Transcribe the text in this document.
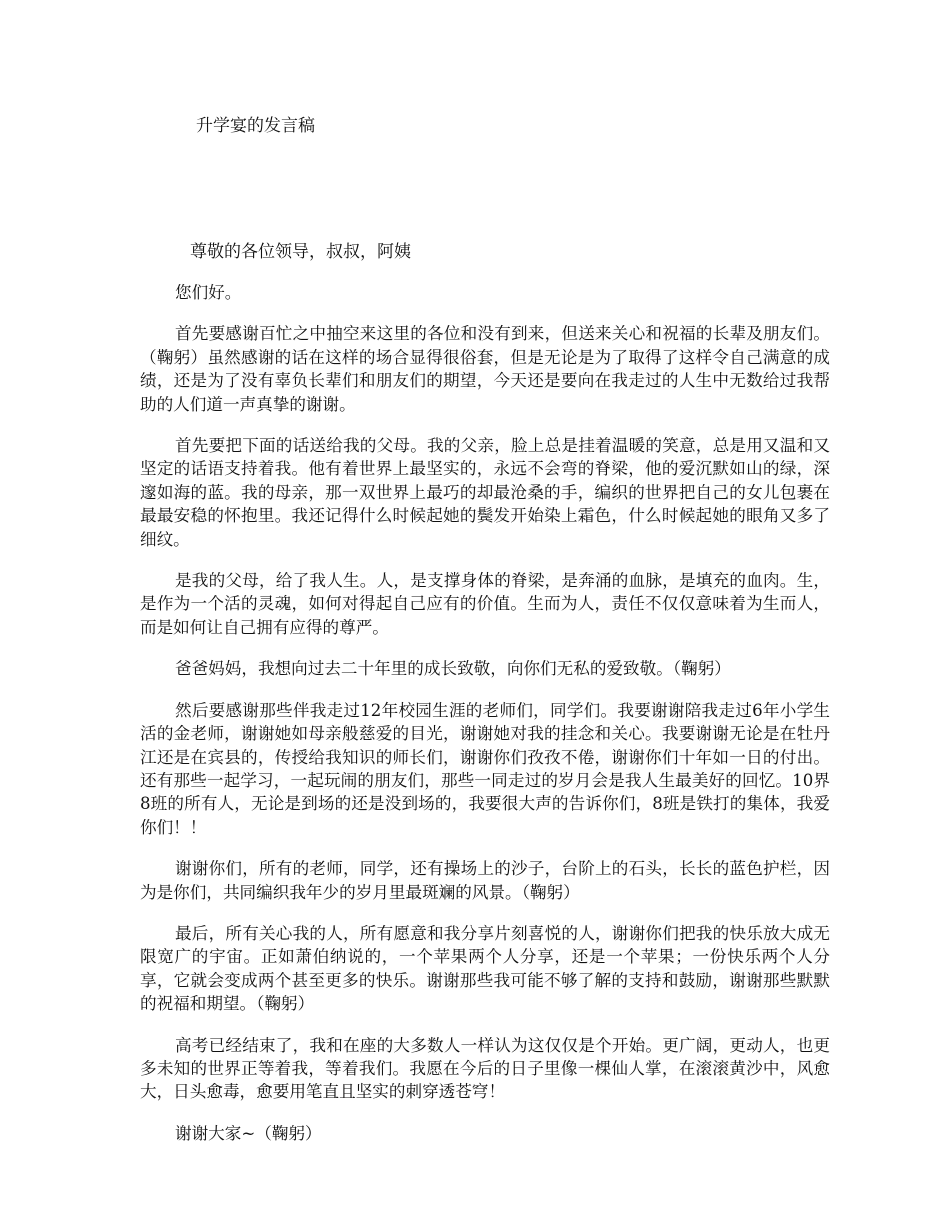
升学宴的发言稿
尊敬的各位领导，叔叔，阿姨

您们好。

首先要感谢百忙之中抽空来这里的各位和没有到来，但送来关心和祝福的长辈及朋友们。（鞠躬）虽然感谢的话在这样的场合显得很俗套，但是无论是为了取得了这样令自己满意的成绩，还是为了没有辜负长辈们和朋友们的期望，今天还是要向在我走过的人生中无数给过我帮助的人们道一声真挚的谢谢。

首先要把下面的话送给我的父母。我的父亲，脸上总是挂着温暖的笑意，总是用又温和又坚定的话语支持着我。他有着世界上最坚实的，永远不会弯的脊梁，他的爱沉默如山的绿，深邃如海的蓝。我的母亲，那一双世界上最巧的却最沧桑的手，编织的世界把自己的女儿包裹在最最安稳的怀抱里。我还记得什么时候起她的鬓发开始染上霜色，什么时候起她的眼角又多了细纹。

是我的父母，给了我人生。人，是支撑身体的脊梁，是奔涌的血脉，是填充的血肉。生，是作为一个活的灵魂，如何对得起自己应有的价值。生而为人，责任不仅仅意味着为生而人，而是如何让自己拥有应得的尊严。

爸爸妈妈，我想向过去二十年里的成长致敬，向你们无私的爱致敬。（鞠躬）

然后要感谢那些伴我走过12年校园生涯的老师们，同学们。我要谢谢陪我走过6年小学生活的金老师，谢谢她如母亲般慈爱的目光，谢谢她对我的挂念和关心。我要谢谢无论是在牡丹江还是在宾县的，传授给我知识的师长们，谢谢你们孜孜不倦，谢谢你们十年如一日的付出。还有那些一起学习，一起玩闹的朋友们，那些一同走过的岁月会是我人生最美好的回忆。10界8班的所有人，无论是到场的还是没到场的，我要很大声的告诉你们，8班是铁打的集体，我爱你们！！

谢谢你们，所有的老师，同学，还有操场上的沙子，台阶上的石头，长长的蓝色护栏，因为是你们，共同编织我年少的岁月里最斑斓的风景。（鞠躬）

最后，所有关心我的人，所有愿意和我分享片刻喜悦的人，谢谢你们把我的快乐放大成无限宽广的宇宙。正如萧伯纳说的，一个苹果两个人分享，还是一个苹果；一份快乐两个人分享，它就会变成两个甚至更多的快乐。谢谢那些我可能不够了解的支持和鼓励，谢谢那些默默的祝福和期望。（鞠躬）

高考已经结束了，我和在座的大多数人一样认为这仅仅是个开始。更广阔，更动人，也更多未知的世界正等着我，等着我们。我愿在今后的日子里像一棵仙人掌，在滚滚黄沙中，风愈大，日头愈毒，愈要用笔直且坚实的刺穿透苍穹！

谢谢大家~（鞠躬）
